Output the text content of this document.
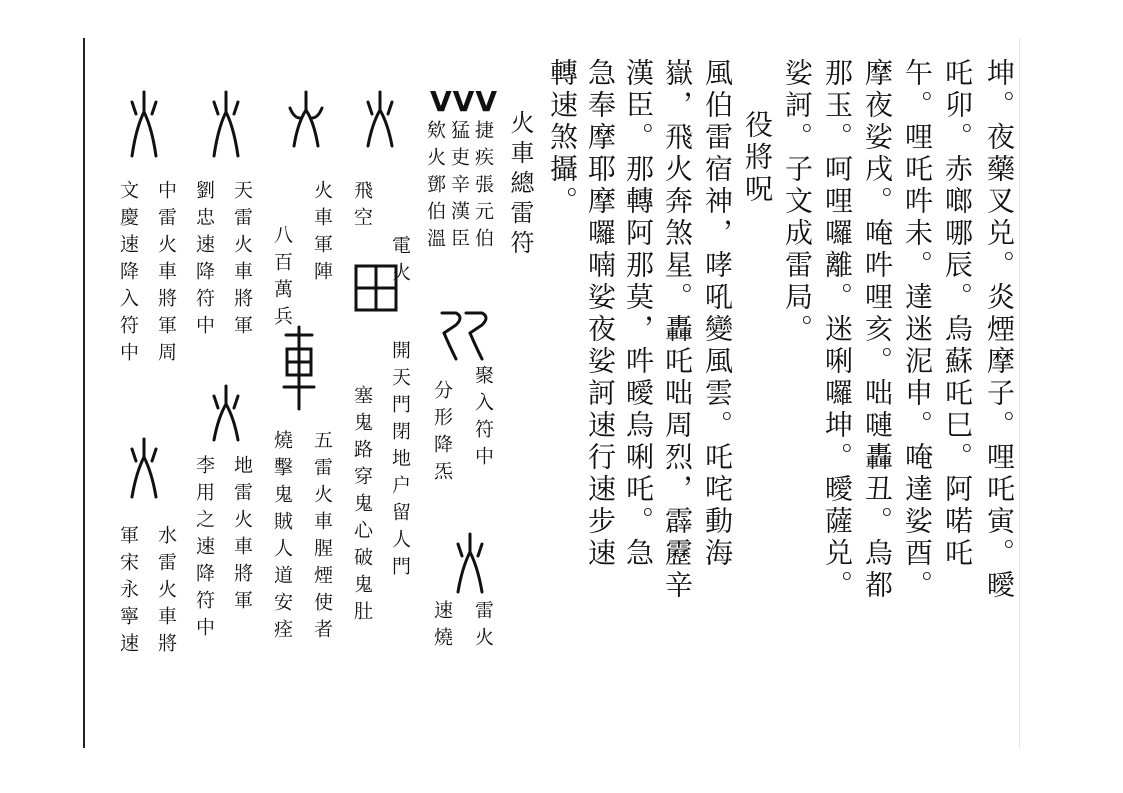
坤。夜藥叉兑。炎煙摩子。哩吒寅。曖
吒卯。赤啷哪辰。烏蘇吒巳。阿喏吒
午。哩吒吽未。達迷泥申。唵達娑酉。
摩夜娑戌。唵吽哩亥。咄嗹轟丑。烏都
那玉。呵哩囉離。迷唎囉坤。曖薩兑。
娑訶。子文成雷局。
役將呪
風伯雷宿神，哮吼變風雲。吒咤動海
嶽，飛火奔煞星。轟吒咄周烈，霹靂辛
漢臣。那轉阿那莫，吽曖烏唎吒。急
急奉摩耶摩囉喃娑夜娑訶速行速步速
轉速煞攝。
火車總雷符
VVV
捷疾張元伯
聚入符中
雷火
猛吏辛漢臣
分形降炁
速燒
欸火鄧伯溫
電火
開天門閉地户留人門
飛空
塞鬼路穿鬼心破鬼肚
火車軍陣
五雷火車腥煙使者
八百萬兵
燒擊鬼賊人道安痊
天雷火車將軍
地雷火車將軍
劉忠速降符中
李用之速降符中
中雷火車將軍周
水雷火車將
文慶速降入符中
軍宋永寧速
